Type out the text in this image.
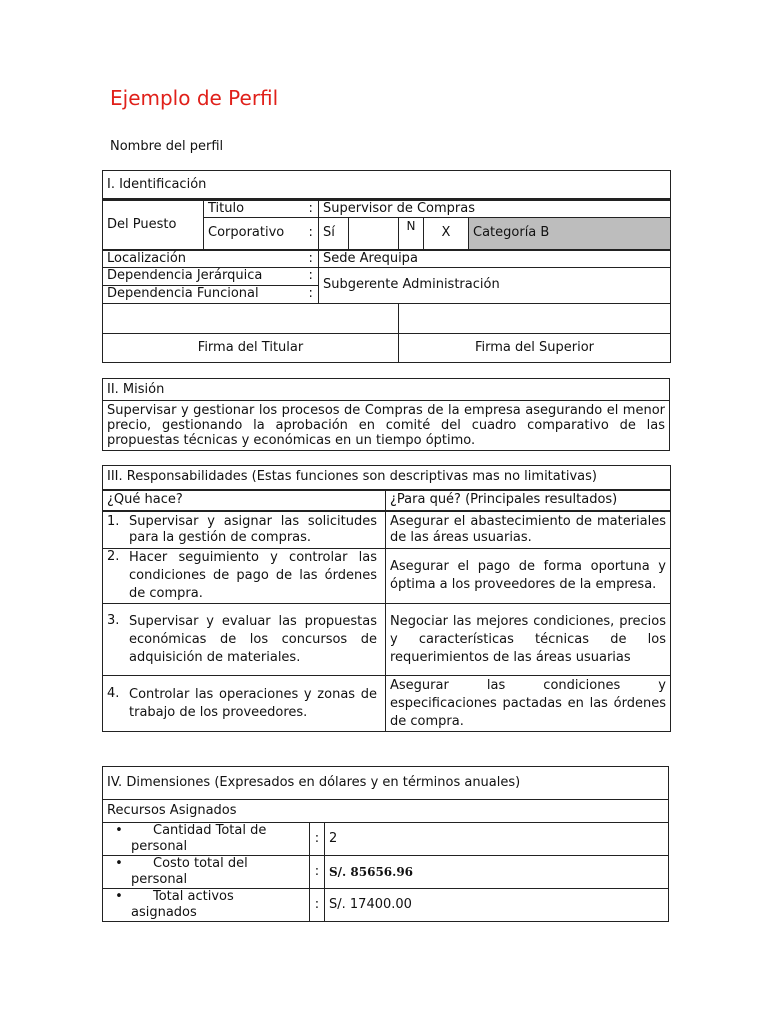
Ejemplo de Perfil
Nombre del perfil
I. Identificación							
Del Puesto	Titulo	:	Supervisor de Compras				
	Corporativo	:	Sí		N	X	Categoría B
Localización		:	Sede Arequipa				
Dependencia Jerárquica		:	Subgerente Administración				
Dependencia Funcional		:					

Firma del Titular					Firma del Superior		
II. Misión
Supervisar y gestionar los procesos de Compras de la empresa asegurando el menor precio, gestionando la aprobación en comité del cuadro comparativo de las propuestas técnicas y económicas en un tiempo óptimo.
III. Responsabilidades (Estas funciones son descriptivas mas no limitativas)	
¿Qué hace?	¿Para qué? (Principales resultados)
1. Supervisar y asignar las solicitudes para la gestión de compras.	Asegurar el abastecimiento de materiales de las áreas usuarias.
2. Hacer seguimiento y controlar las condiciones de pago de las órdenes de compra.	Asegurar el pago de forma oportuna y óptima a los proveedores de la empresa.
3. Supervisar y evaluar las propuestas económicas de los concursos de adquisición de materiales.	Negociar las mejores condiciones, precios y características técnicas de los requerimientos de las áreas usuarias
4. Controlar las operaciones y zonas de trabajo de los proveedores.	Asegurar las condiciones y especificaciones pactadas en las órdenes de compra.
IV. Dimensiones (Expresados en dólares y en términos anuales)		
Recursos Asignados		
• Cantidad Total de personal	:	2
• Costo total del personal	:	S/. 85656.96
• Total activos asignados	:	S/. 17400.00
